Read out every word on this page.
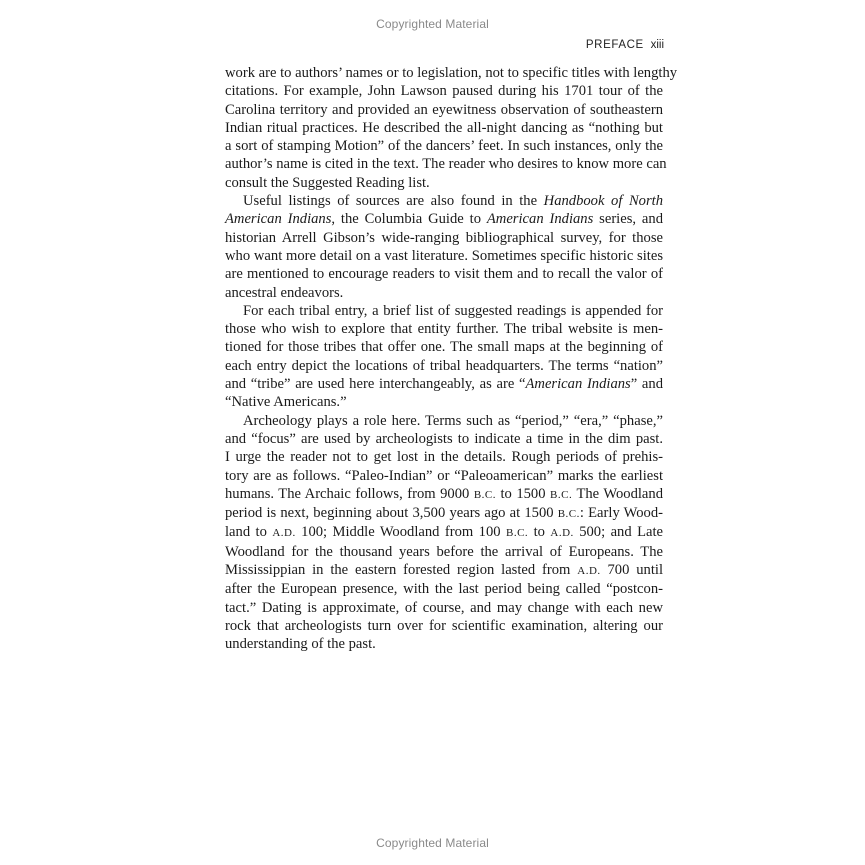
Copyrighted Material
PREFACE xiii
work are to authors’ names or to legislation, not to specific titles with lengthy
citations. For example, John Lawson paused during his 1701 tour of the
Carolina territory and provided an eyewitness observation of southeastern
Indian ritual practices. He described the all-night dancing as “nothing but
a sort of stamping Motion” of the dancers’ feet. In such instances, only the
author’s name is cited in the text. The reader who desires to know more can
consult the Suggested Reading list.
Useful listings of sources are also found in the Handbook of North
American Indians, the Columbia Guide to American Indians series, and
historian Arrell Gibson’s wide-ranging bibliographical survey, for those
who want more detail on a vast literature. Sometimes specific historic sites
are mentioned to encourage readers to visit them and to recall the valor of
ancestral endeavors.
For each tribal entry, a brief list of suggested readings is appended for
those who wish to explore that entity further. The tribal website is men-
tioned for those tribes that offer one. The small maps at the beginning of
each entry depict the locations of tribal headquarters. The terms “nation”
and “tribe” are used here interchangeably, as are “American Indians” and
“Native Americans.”
Archeology plays a role here. Terms such as “period,” “era,” “phase,”
and “focus” are used by archeologists to indicate a time in the dim past.
I urge the reader not to get lost in the details. Rough periods of prehis-
tory are as follows. “Paleo-Indian” or “Paleoamerican” marks the earliest
humans. The Archaic follows, from 9000 B.C. to 1500 B.C. The Woodland
period is next, beginning about 3,500 years ago at 1500 B.C.: Early Wood-
land to A.D. 100; Middle Woodland from 100 B.C. to A.D. 500; and Late
Woodland for the thousand years before the arrival of Europeans. The
Mississippian in the eastern forested region lasted from A.D. 700 until
after the European presence, with the last period being called “postcon-
tact.” Dating is approximate, of course, and may change with each new
rock that archeologists turn over for scientific examination, altering our
understanding of the past.
Copyrighted Material
